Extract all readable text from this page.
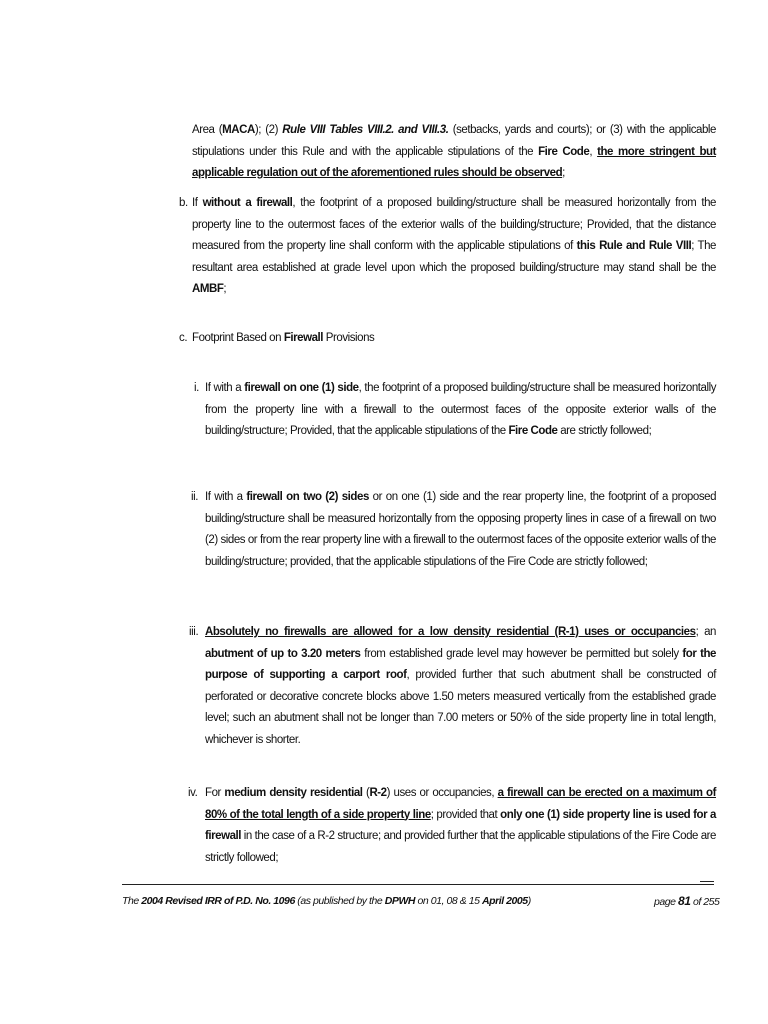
Area (MACA); (2) Rule VIII Tables VIII.2. and VIII.3. (setbacks, yards and courts); or (3) with the applicable stipulations under this Rule and with the applicable stipulations of the Fire Code, the more stringent but applicable regulation out of the aforementioned rules should be observed;
b. If without a firewall, the footprint of a proposed building/structure shall be measured horizontally from the property line to the outermost faces of the exterior walls of the building/structure; Provided, that the distance measured from the property line shall conform with the applicable stipulations of this Rule and Rule VIII; The resultant area established at grade level upon which the proposed building/structure may stand shall be the AMBF;
c. Footprint Based on Firewall Provisions
i. If with a firewall on one (1) side, the footprint of a proposed building/structure shall be measured horizontally from the property line with a firewall to the outermost faces of the opposite exterior walls of the building/structure; Provided, that the applicable stipulations of the Fire Code are strictly followed;
ii. If with a firewall on two (2) sides or on one (1) side and the rear property line, the footprint of a proposed building/structure shall be measured horizontally from the opposing property lines in case of a firewall on two (2) sides or from the rear property line with a firewall to the outermost faces of the opposite exterior walls of the building/structure; provided, that the applicable stipulations of the Fire Code are strictly followed;
iii. Absolutely no firewalls are allowed for a low density residential (R-1) uses or occupancies; an abutment of up to 3.20 meters from established grade level may however be permitted but solely for the purpose of supporting a carport roof, provided further that such abutment shall be constructed of perforated or decorative concrete blocks above 1.50 meters measured vertically from the established grade level; such an abutment shall not be longer than 7.00 meters or 50% of the side property line in total length, whichever is shorter.
iv. For medium density residential (R-2) uses or occupancies, a firewall can be erected on a maximum of 80% of the total length of a side property line; provided that only one (1) side property line is used for a firewall in the case of a R-2 structure; and provided further that the applicable stipulations of the Fire Code are strictly followed;
The 2004 Revised IRR of P.D. No. 1096 (as published by the DPWH on 01, 08 & 15 April 2005)	page 81 of 255
